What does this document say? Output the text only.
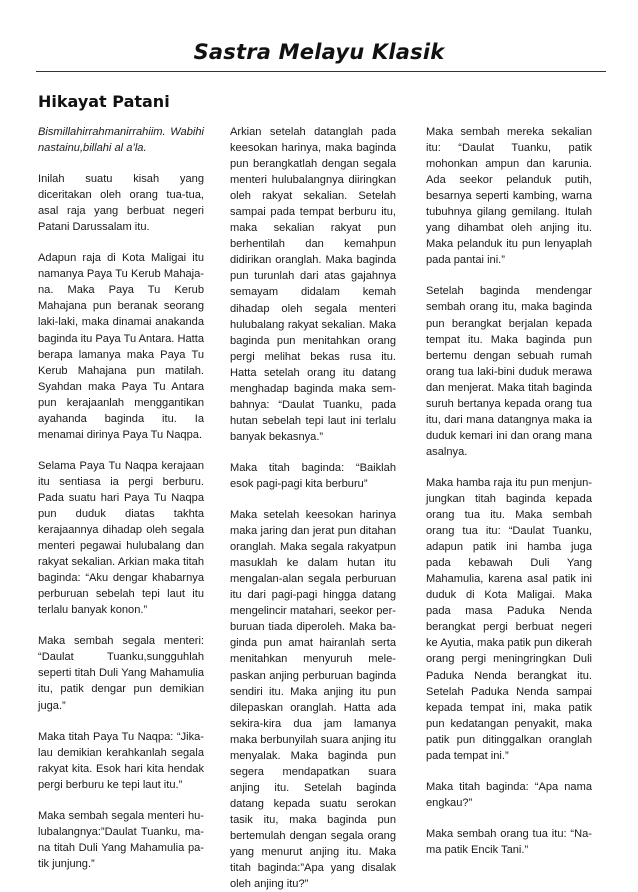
Sastra Melayu Klasik
Hikayat Patani

Bismillahirrahmanirrahiim. Wabihi nastainu,billahi al a’la.

Inilah suatu kisah yang diceritakan oleh orang tua-tua, asal raja yang berbuat negeri Patani Darussalam itu.

Adapun raja di Kota Maligai itu namanya Paya Tu Kerub Mahajana. Maka Paya Tu Kerub Mahajana pun beranak seorang laki-laki, maka dinamai anakanda baginda itu Paya Tu Antara. Hatta berapa lamanya maka Paya Tu Kerub Mahajana pun matilah. Syahdan maka Paya Tu Antara pun kerajaanlah menggantikan ayahanda baginda itu. Ia menamai dirinya Paya Tu Naqpa.

Selama Paya Tu Naqpa kerajaan itu sentiasa ia pergi berburu. Pada suatu hari Paya Tu Naqpa pun duduk diatas takhta kerajaannya dihadap oleh segala menteri pegawai hulubalang dan rakyat sekalian. Arkian maka titah baginda: “Aku dengar khabarnya perburuan sebelah tepi laut itu terlalu banyak konon.”

Maka sembah segala menteri: “Daulat Tuanku,sungguhlah seperti titah Duli Yang Mahamulia itu, patik dengar pun demikian juga.”

Maka titah Paya Tu Naqpa: “Jikalau demikian kerahkanlah segala rakyat kita. Esok hari kita hendak pergi berburu ke tepi laut itu.”

Maka sembah segala menteri hulubalangnya:”Daulat Tuanku, mana titah Duli Yang Mahamulia patik junjung.”

Arkian setelah datanglah pada keesokan harinya, maka baginda pun berangkatlah dengan segala menteri hulubalangnya diiringkan oleh rakyat sekalian. Setelah sampai pada tempat berburu itu, maka sekalian rakyat pun berhentilah dan kemahpun didirikan oranglah. Maka baginda pun turunlah dari atas gajahnya semayam didalam kemah dihadap oleh segala menteri hulubalang rakyat sekalian. Maka baginda pun menitahkan orang pergi melihat bekas rusa itu. Hatta setelah orang itu datang menghadap baginda maka sembahnya: “Daulat Tuanku, pada hutan sebelah tepi laut ini terlalu banyak bekasnya.”

Maka titah baginda: “Baiklah esok pagi-pagi kita berburu”

Maka setelah keesokan harinya maka jaring dan jerat pun ditahan oranglah. Maka segala rakyatpun masuklah ke dalam hutan itu mengalan-alan segala perburuan itu dari pagi-pagi hingga datang mengelincir matahari, seekor perburuan tiada diperoleh. Maka baginda pun amat hairanlah serta menitahkan menyuruh melepaskan anjing perburuan baginda sendiri itu. Maka anjing itu pun dilepaskan oranglah. Hatta ada sekira-kira dua jam lamanya maka berbunyilah suara anjing itu menyalak. Maka baginda pun segera mendapatkan suara anjing itu. Setelah baginda datang kepada suatu serokan tasik itu, maka baginda pun bertemulah dengan segala orang yang menurut anjing itu. Maka titah baginda:”Apa yang disalak oleh anjing itu?”

Maka sembah mereka sekalian itu: “Daulat Tuanku, patik mohonkan ampun dan karunia. Ada seekor pelanduk putih, besarnya seperti kambing, warna tubuhnya gilang gemilang. Itulah yang dihambat oleh anjing itu. Maka pelanduk itu pun lenyaplah pada pantai ini.”

Setelah baginda mendengar sembah orang itu, maka baginda pun berangkat berjalan kepada tempat itu. Maka baginda pun bertemu dengan sebuah rumah orang tua laki-bini duduk merawa dan menjerat. Maka titah baginda suruh bertanya kepada orang tua itu, dari mana datangnya maka ia duduk kemari ini dan orang mana asalnya.

Maka hamba raja itu pun menjunjungkan titah baginda kepada orang tua itu. Maka sembah orang tua itu: “Daulat Tuanku, adapun patik ini hamba juga pada kebawah Duli Yang Mahamulia, karena asal patik ini duduk di Kota Maligai. Maka pada masa Paduka Nenda berangkat pergi berbuat negeri ke Ayutia, maka patik pun dikerah orang pergi meningringkan Duli Paduka Nenda berangkat itu. Setelah Paduka Nenda sampai kepada tempat ini, maka patik pun kedatangan penyakit, maka patik pun ditinggalkan oranglah pada tempat ini.”

Maka titah baginda: “Apa nama engkau?”

Maka sembah orang tua itu: “Nama patik Encik Tani.”
